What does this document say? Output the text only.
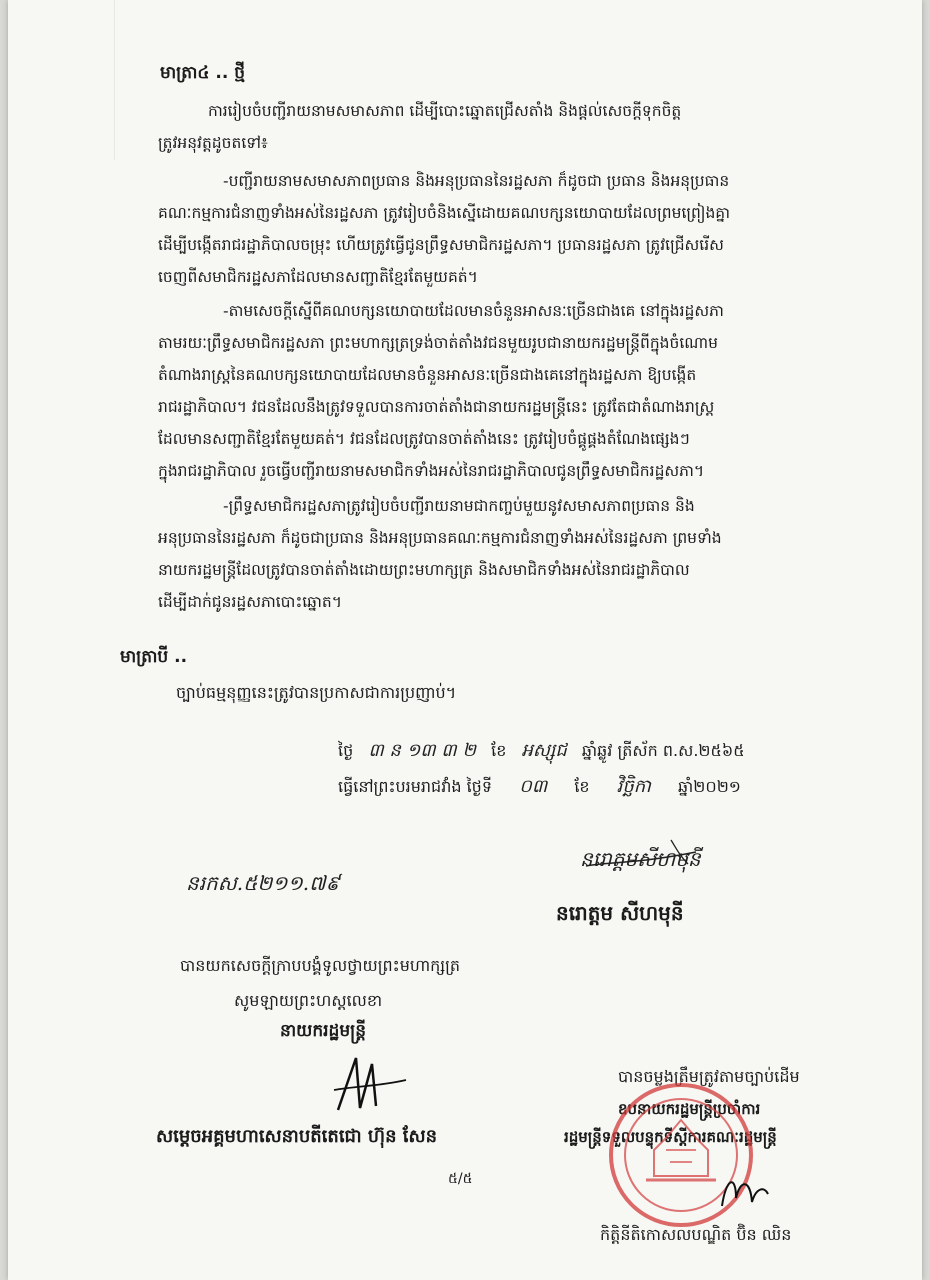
មាត្រា៤ .. ថ្មី
ការរៀបចំបញ្ជីរាយនាមសមាសភាព ដើម្បីបោះឆ្នោតជ្រើសតាំង និងផ្ដល់សេចក្ដីទុកចិត្ត
ត្រូវអនុវត្តដូចតទៅ៖
-បញ្ជីរាយនាមសមាសភាពប្រធាន និងអនុប្រធាននៃរដ្ឋសភា ក៏ដូចជា ប្រធាន និងអនុប្រធាន
គណៈកម្មការជំនាញទាំងអស់នៃរដ្ឋសភា ត្រូវរៀបចំនិងស្នើដោយគណបក្សនយោបាយដែលព្រមព្រៀងគ្នា
ដើម្បីបង្កើតរាជរដ្ឋាភិបាលចម្រុះ ហើយត្រូវធ្វើជូនព្រឹទ្ធសមាជិករដ្ឋសភា។ ប្រធានរដ្ឋសភា ត្រូវជ្រើសរើស
ចេញពីសមាជិករដ្ឋសភាដែលមានសញ្ជាតិខ្មែរតែមួយគត់។
-តាមសេចក្ដីស្នើពីគណបក្សនយោបាយដែលមានចំនួនអាសនៈច្រើនជាងគេ នៅក្នុងរដ្ឋសភា
តាមរយៈព្រឹទ្ធសមាជិករដ្ឋសភា ព្រះមហាក្សត្រទ្រង់ចាត់តាំងវជនមួយរូបជានាយករដ្ឋមន្ត្រីពីក្នុងចំណោម
តំណាងរាស្ត្រនៃគណបក្សនយោបាយដែលមានចំនួនអាសនៈច្រើនជាងគេនៅក្នុងរដ្ឋសភា ឱ្យបង្កើត
រាជរដ្ឋាភិបាល។ វជនដែលនឹងត្រូវទទួលបានការចាត់តាំងជានាយករដ្ឋមន្ត្រីនេះ ត្រូវតែជាតំណាងរាស្ត្រ
ដែលមានសញ្ជាតិខ្មែរតែមួយគត់។ វជនដែលត្រូវបានចាត់តាំងនេះ ត្រូវរៀបចំផ្គូផ្គងតំណែងផ្សេងៗ
ក្នុងរាជរដ្ឋាភិបាល រួចធ្វើបញ្ជីរាយនាមសមាជិកទាំងអស់នៃរាជរដ្ឋាភិបាលជូនព្រឹទ្ធសមាជិករដ្ឋសភា។
-ព្រឹទ្ធសមាជិករដ្ឋសភាត្រូវរៀបចំបញ្ជីរាយនាមជាកញ្ចប់មួយនូវសមាសភាពប្រធាន និង
អនុប្រធាននៃរដ្ឋសភា ក៏ដូចជាប្រធាន និងអនុប្រធានគណៈកម្មការជំនាញទាំងអស់នៃរដ្ឋសភា ព្រមទាំង
នាយករដ្ឋមន្ត្រីដែលត្រូវបានចាត់តាំងដោយព្រះមហាក្សត្រ និងសមាជិកទាំងអស់នៃរាជរដ្ឋាភិបាល
ដើម្បីដាក់ជូនរដ្ឋសភាបោះឆ្នោត។
មាត្រាបី ..
ច្បាប់ធម្មនុញ្ញនេះត្រូវបានប្រកាសជាការប្រញាប់។
ថ្ងៃ ៣ ន ១៣ ៣ ២ ខែ អស្សុជ ឆ្នាំឆ្លូវ ត្រីស័ក ព.ស.២៥៦៥
ធ្វើនៅព្រះបរមរាជវាំង ថ្ងៃទី ០៣ ខែ វិច្ឆិកា ឆ្នាំ២០២១
នរកស.៥២១១.៧៩
នរោត្តមសីហមុនី
នរោត្តម សីហមុនី
បានយកសេចក្ដីក្រាបបង្គំទូលថ្វាយព្រះមហាក្សត្រ
សូមឡាយព្រះហស្តលេខា
នាយករដ្ឋមន្ត្រី
សម្ដេចអគ្គមហាសេនាបតីតេជោ ហ៊ុន សែន
បានចម្លងត្រឹមត្រូវតាមច្បាប់ដើម
ឧបនាយករដ្ឋមន្ត្រីប្រចាំការ
រដ្ឋមន្ត្រីទទួលបន្ទុកទីស្ដីការគណៈរដ្ឋមន្ត្រី
កិត្តិនីតិកោសលបណ្ឌិត ប៊ិន ឈិន
៥/៥
